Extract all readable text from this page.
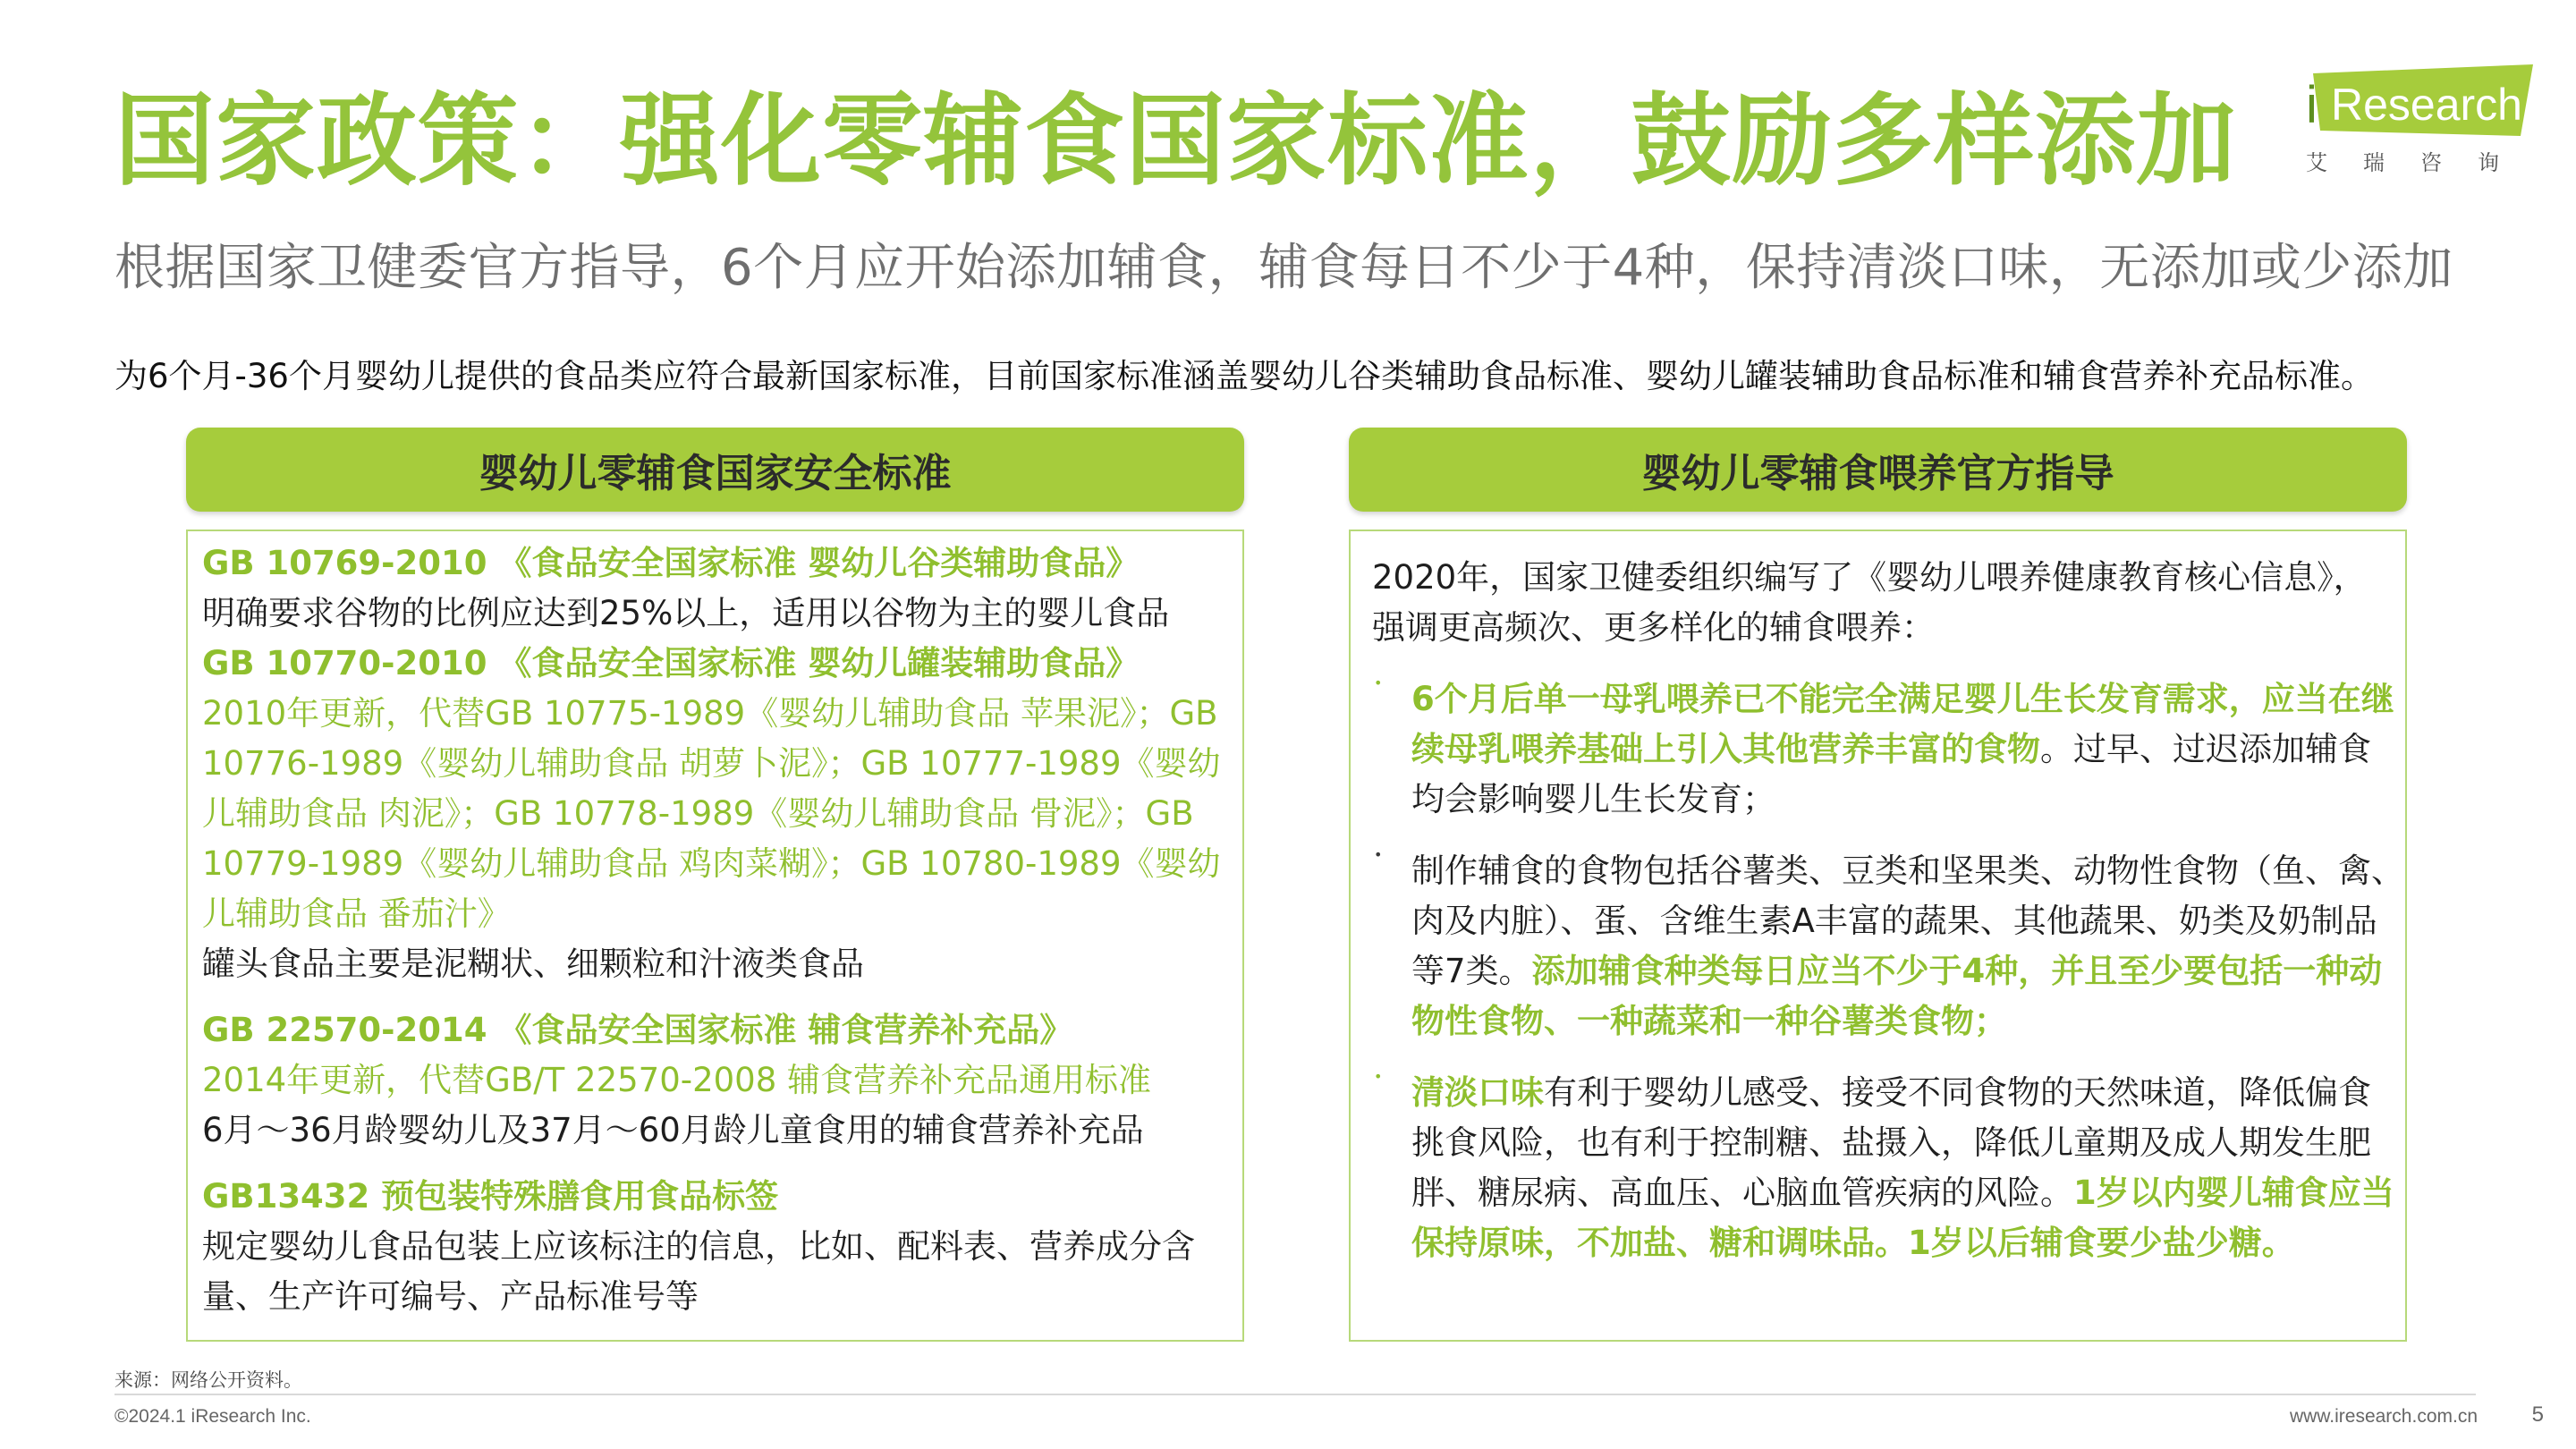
国家政策：强化零辅食国家标准，鼓励多样添加
根据国家卫健委官方指导，6个月应开始添加辅食，辅食每日不少于4种，保持清淡口味，无添加或少添加
为6个月-36个月婴幼儿提供的食品类应符合最新国家标准，目前国家标准涵盖婴幼儿谷类辅助食品标准、婴幼儿罐装辅助食品标准和辅食营养补充品标准。
i Research
艾瑞咨询
婴幼儿零辅食国家安全标准
GB 10769-2010 《食品安全国家标准 婴幼儿谷类辅助食品》
明确要求谷物的比例应达到25%以上，适用以谷物为主的婴儿食品
GB 10770-2010 《食品安全国家标准 婴幼儿罐装辅助食品》
2010年更新，代替GB 10775-1989《婴幼儿辅助食品 苹果泥》；GB
10776-1989《婴幼儿辅助食品 胡萝卜泥》；GB 10777-1989《婴幼
儿辅助食品 肉泥》；GB 10778-1989《婴幼儿辅助食品 骨泥》；GB
10779-1989《婴幼儿辅助食品 鸡肉菜糊》；GB 10780-1989《婴幼
儿辅助食品 番茄汁》
罐头食品主要是泥糊状、细颗粒和汁液类食品
GB 22570-2014 《食品安全国家标准 辅食营养补充品》
2014年更新，代替GB/T 22570-2008 辅食营养补充品通用标准
6月～36月龄婴幼儿及37月～60月龄儿童食用的辅食营养补充品
GB13432 预包装特殊膳食用食品标签
规定婴幼儿食品包装上应该标注的信息，比如、配料表、营养成分含
量、生产许可编号、产品标准号等
婴幼儿零辅食喂养官方指导
2020年，国家卫健委组织编写了《婴幼儿喂养健康教育核心信息》，
强调更高频次、更多样化的辅食喂养：
• 6个月后单一母乳喂养已不能完全满足婴儿生长发育需求，应当在继
续母乳喂养基础上引入其他营养丰富的食物。过早、过迟添加辅食
均会影响婴儿生长发育；
• 制作辅食的食物包括谷薯类、豆类和坚果类、动物性食物（鱼、禽、
肉及内脏）、蛋、含维生素A丰富的蔬果、其他蔬果、奶类及奶制品
等7类。添加辅食种类每日应当不少于4种，并且至少要包括一种动
物性食物、一种蔬菜和一种谷薯类食物；
• 清淡口味有利于婴幼儿感受、接受不同食物的天然味道，降低偏食
挑食风险，也有利于控制糖、盐摄入，降低儿童期及成人期发生肥
胖、糖尿病、高血压、心脑血管疾病的风险。1岁以内婴儿辅食应当
保持原味，不加盐、糖和调味品。1岁以后辅食要少盐少糖。
来源：网络公开资料。
©2024.1 iResearch Inc.	www.iresearch.com.cn	5
